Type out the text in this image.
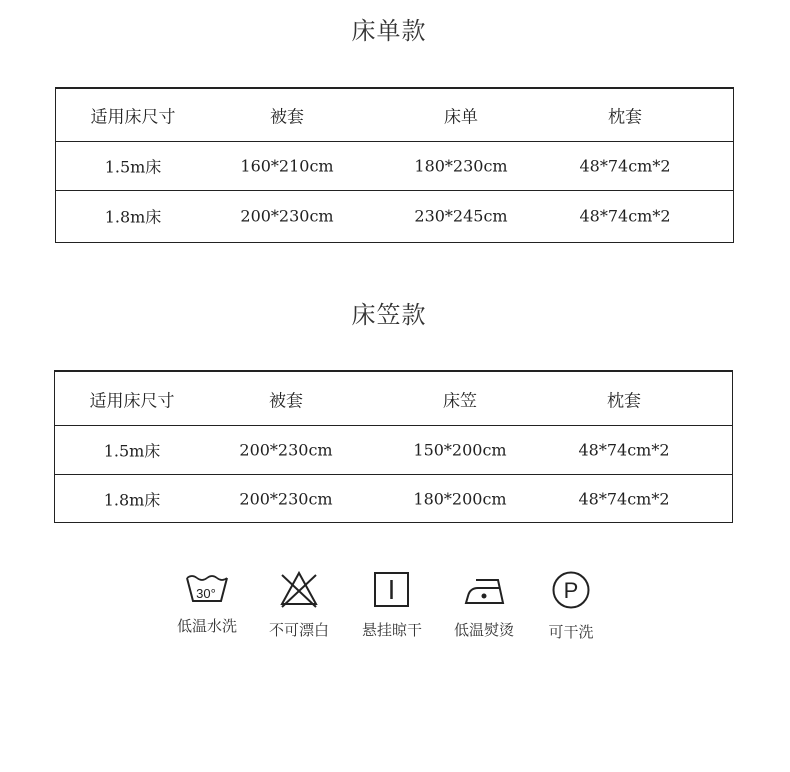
床单款
适用床尺寸	被套	床单	枕套
1.5m床	160*210cm	180*230cm	48*74cm*2
1.8m床	200*230cm	230*245cm	48*74cm*2
床笠款
适用床尺寸	被套	床笠	枕套
1.5m床	200*230cm	150*200cm	48*74cm*2
1.8m床	200*230cm	180*200cm	48*74cm*2
30°
低温水洗	不可漂白	悬挂晾干	低温熨烫
P
可干洗
